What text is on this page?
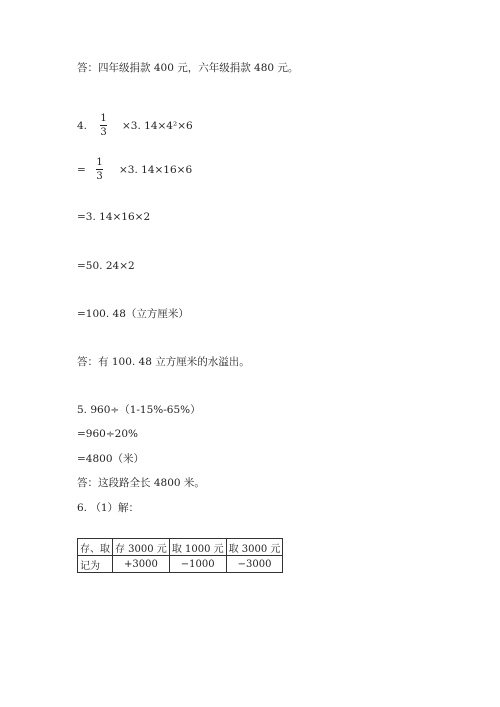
答：四年级捐款 400 元，六年级捐款 480 元。
4.
1
3
×3. 14×4²×6
=
1
3
×3. 14×16×6
=3. 14×16×2
=50. 24×2
=100. 48（立方厘米）
答：有 100. 48 立方厘米的水溢出。
5. 960÷（1-15%-65%）
=960÷20%
=4800（米）
答：这段路全长 4800 米。
6. （1）解：
存、取	存 3000 元	取 1000 元	取 3000 元
记为	+3000	−1000	−3000
